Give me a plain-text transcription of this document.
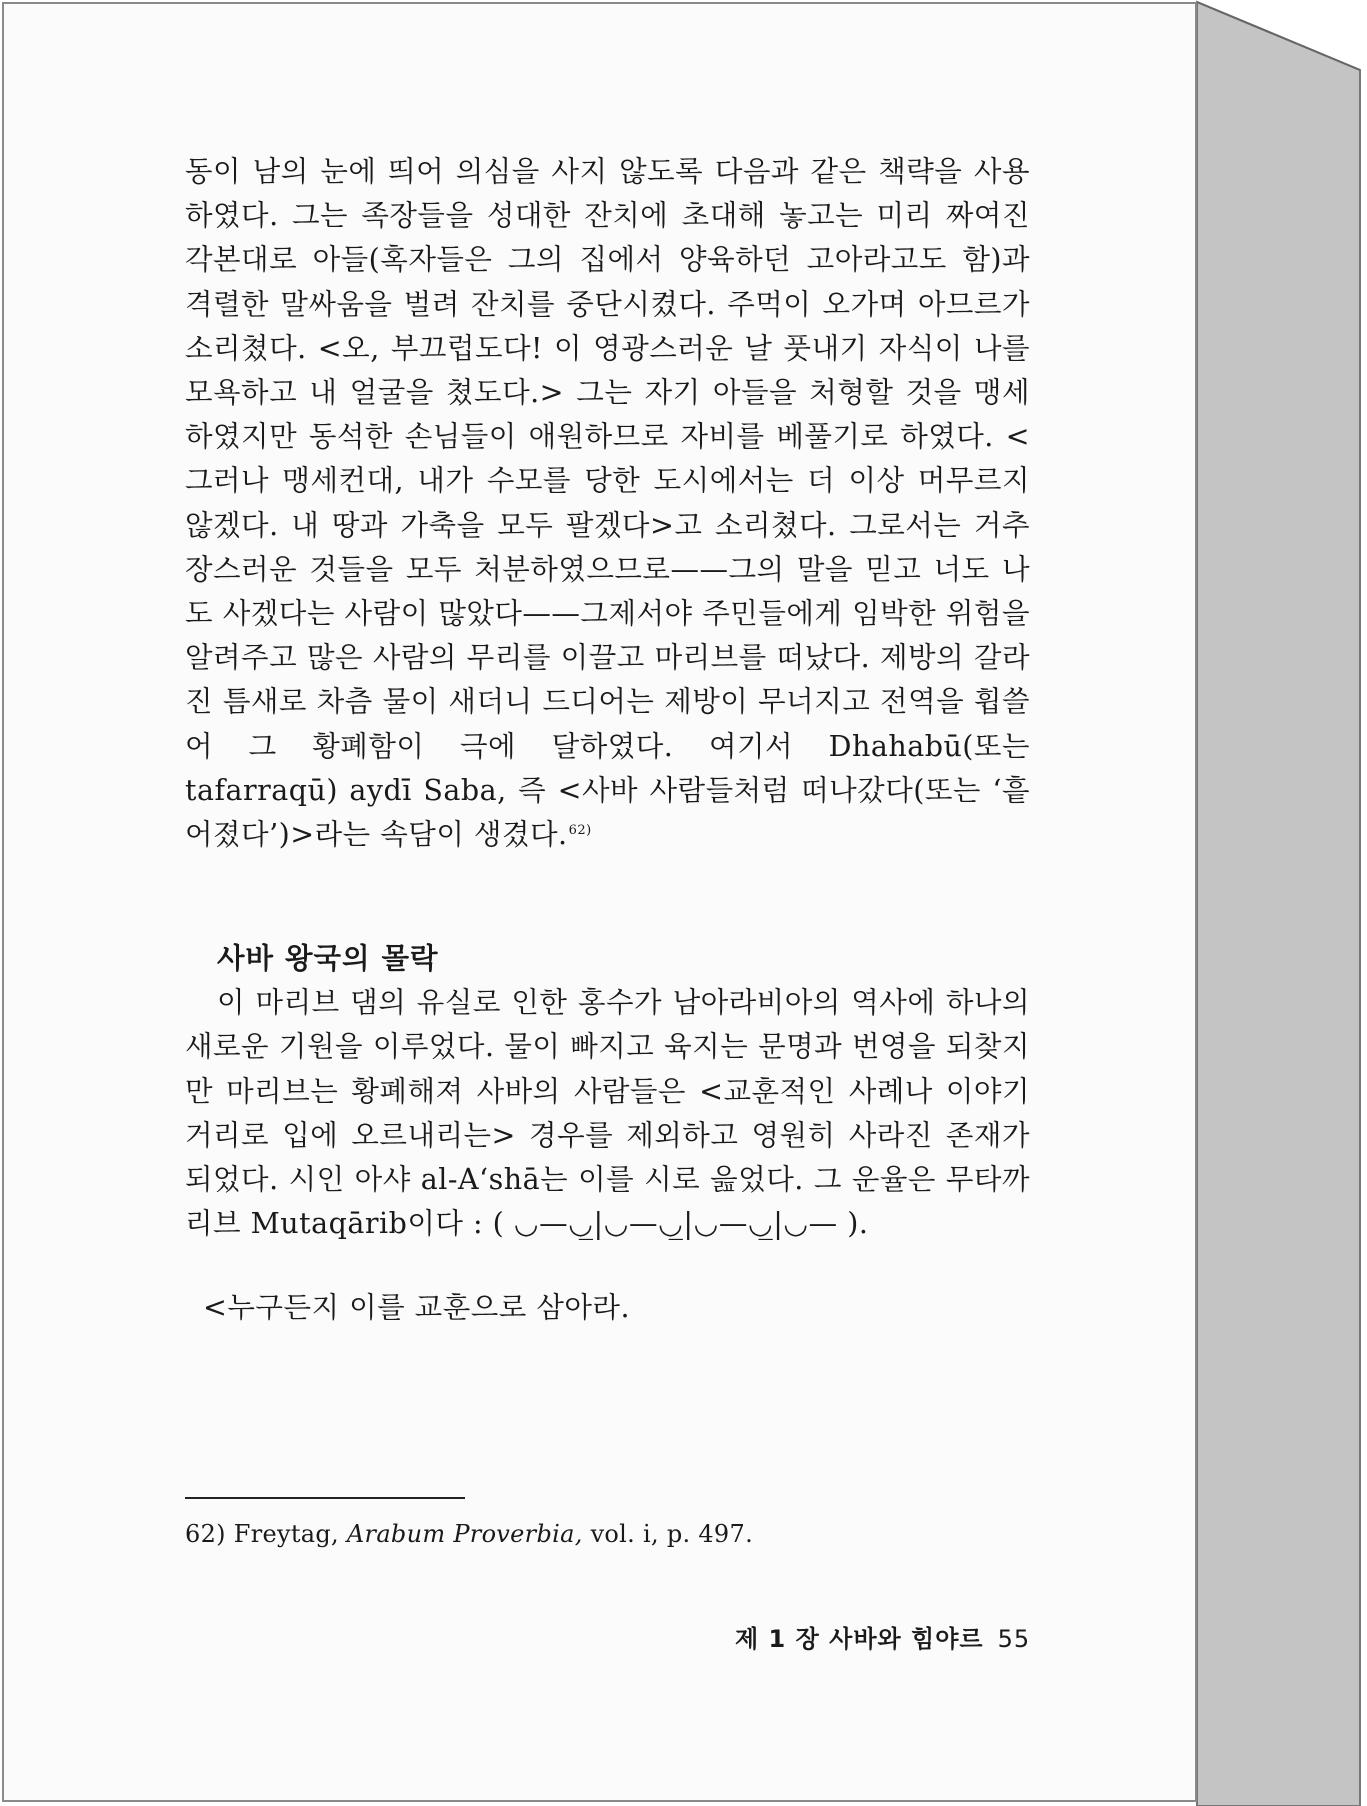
동이 남의 눈에 띄어 의심을 사지 않도록 다음과 같은 책략을 사용하였다. 그는 족장들을 성대한 잔치에 초대해 놓고는 미리 짜여진 각본대로 아들(혹자들은 그의 집에서 양육하던 고아라고도 함)과 격렬한 말싸움을 벌려 잔치를 중단시켰다. 주먹이 오가며 아므르가 소리쳤다. <오, 부끄럽도다! 이 영광스러운 날 풋내기 자식이 나를 모욕하고 내 얼굴을 쳤도다.> 그는 자기 아들을 처형할 것을 맹세하였지만 동석한 손님들이 애원하므로 자비를 베풀기로 하였다. <그러나 맹세컨대, 내가 수모를 당한 도시에서는 더 이상 머무르지 않겠다. 내 땅과 가축을 모두 팔겠다>고 소리쳤다. 그로서는 거추장스러운 것들을 모두 처분하였으므로——그의 말을 믿고 너도 나도 사겠다는 사람이 많았다——그제서야 주민들에게 임박한 위험을 알려주고 많은 사람의 무리를 이끌고 마리브를 떠났다. 제방의 갈라진 틈새로 차츰 물이 새더니 드디어는 제방이 무너지고 전역을 휩쓸어 그 황폐함이 극에 달하였다. 여기서 Dhahabū(또는 tafarraqū) aydī Saba, 즉 <사바 사람들처럼 떠나갔다(또는 ‘흩어졌다’)>라는 속담이 생겼다.$^{62)}$

사바 왕국의 몰락

이 마리브 댐의 유실로 인한 홍수가 남아라비아의 역사에 하나의 새로운 기원을 이루었다. 물이 빠지고 육지는 문명과 번영을 되찾지만 마리브는 황폐해져 사바의 사람들은 <교훈적인 사례나 이야기거리로 입에 오르내리는> 경우를 제외하고 영원히 사라진 존재가 되었다. 시인 아샤 al-A‘shā는 이를 시로 읊었다. 그 운율은 무타까리브 Mutaqārib이다 : ( ◡—◡̲|◡—◡̲|◡—◡̲|◡— ).

<누구든지 이를 교훈으로 삼아라.
62) Freytag, Arabum Proverbia, vol. i, p. 497.
제 1 장 사바와 힘야르 55
